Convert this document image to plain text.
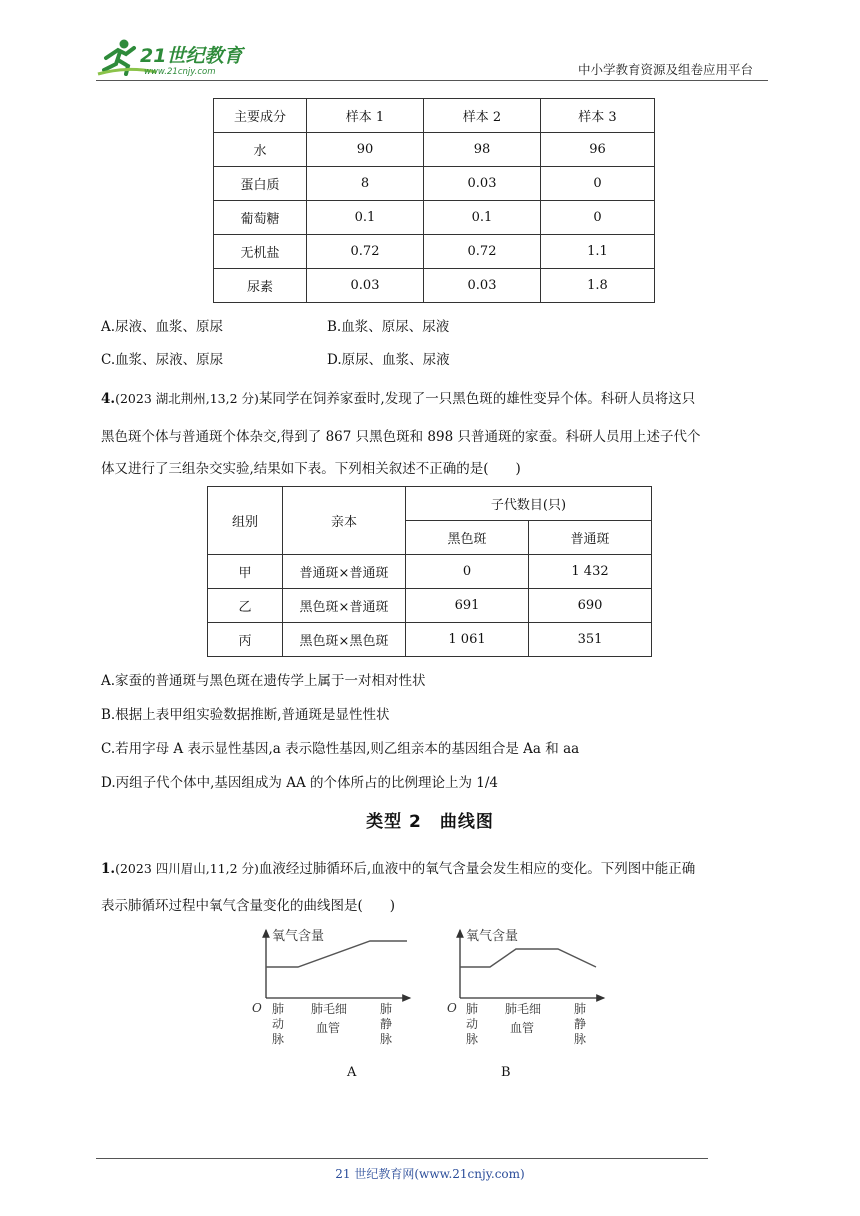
21世纪教育
www.21cnjy.com	中小学教育资源及组卷应用平台
主要成分	样本 1	样本 2	样本 3
水	90	98	96
蛋白质	8	0.03	0
葡萄糖	0.1	0.1	0
无机盐	0.72	0.72	1.1
尿素	0.03	0.03	1.8
A.尿液、血浆、原尿	B.血浆、原尿、尿液
C.血浆、尿液、原尿	D.原尿、血浆、尿液
4.(2023 湖北荆州,13,2 分)某同学在饲养家蚕时,发现了一只黑色斑的雄性变异个体。科研人员将这只
黑色斑个体与普通斑个体杂交,得到了 867 只黑色斑和 898 只普通斑的家蚕。科研人员用上述子代个
体又进行了三组杂交实验,结果如下表。下列相关叙述不正确的是(　　)
组别	亲本	子代数目(只)	
		黑色斑	普通斑
甲	普通斑×普通斑	0	1 432
乙	黑色斑×普通斑	691	690
丙	黑色斑×黑色斑	1 061	351
A.家蚕的普通斑与黑色斑在遗传学上属于一对相对性状
B.根据上表甲组实验数据推断,普通斑是显性性状
C.若用字母 A 表示显性基因,a 表示隐性基因,则乙组亲本的基因组合是 Aa 和 aa
D.丙组子代个体中,基因组成为 AA 的个体所占的比例理论上为 1/4
类型 2　曲线图
1.(2023 四川眉山,11,2 分)血液经过肺循环后,血液中的氧气含量会发生相应的变化。下列图中能正确
表示肺循环过程中氧气含量变化的曲线图是(　　)
氧气含量
O 肺
动
脉
肺毛细
血管
肺
静
脉
A
氧气含量
O 肺
动
脉
肺毛细
血管
肺
静
脉
B
21 世纪教育网(www.21cnjy.com)
